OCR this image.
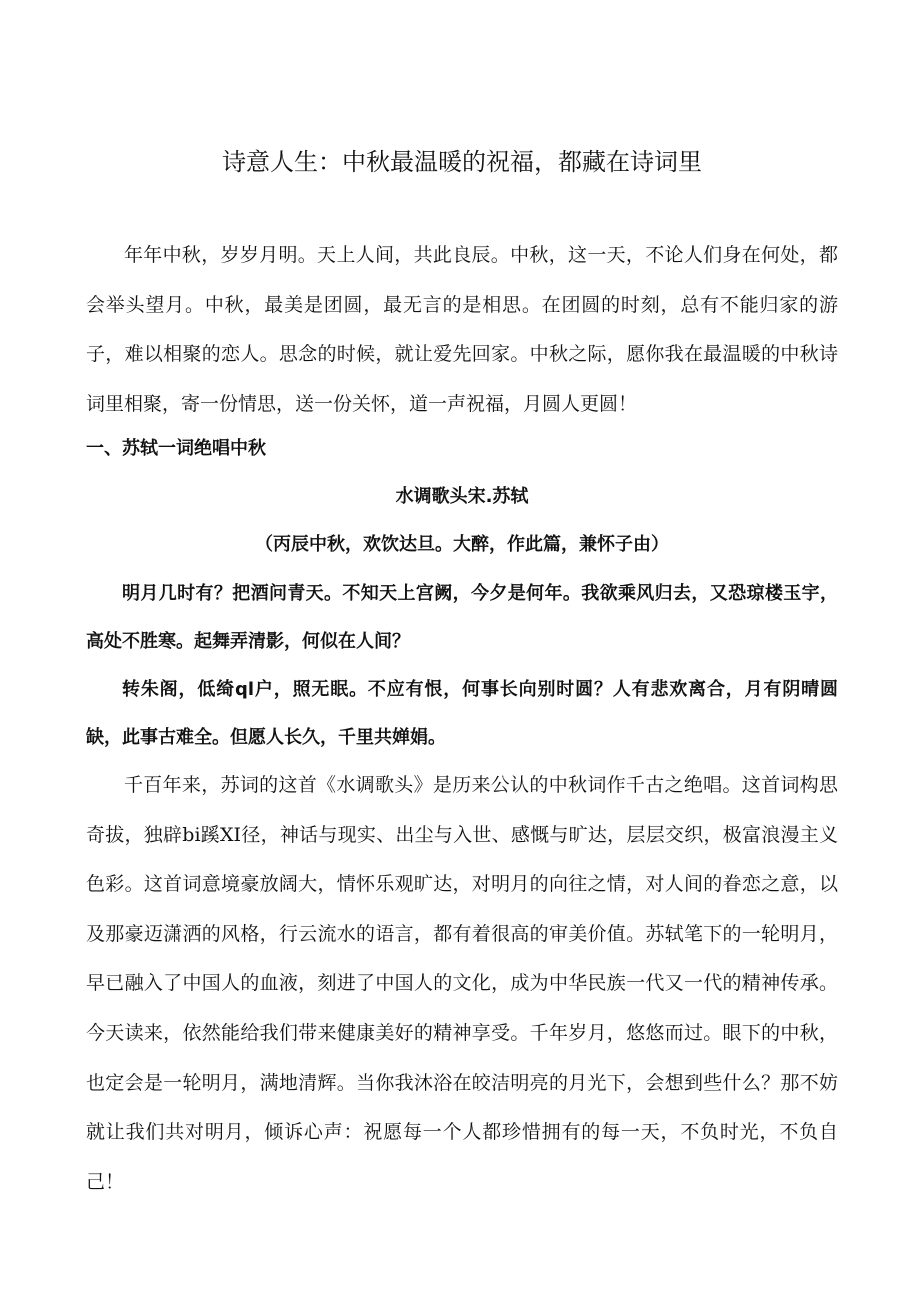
诗意人生：中秋最温暖的祝福，都藏在诗词里

年年中秋，岁岁月明。天上人间，共此良辰。中秋，这一天，不论人们身在何处，都会举头望月。中秋，最美是团圆，最无言的是相思。在团圆的时刻，总有不能归家的游子，难以相聚的恋人。思念的时候，就让爱先回家。中秋之际，愿你我在最温暖的中秋诗词里相聚，寄一份情思，送一份关怀，道一声祝福，月圆人更圆！

一、苏轼一词绝唱中秋
水调歌头宋.苏轼
（丙辰中秋，欢饮达旦。大醉，作此篇，兼怀子由）

明月几时有？把酒问青天。不知天上宫阙，今夕是何年。我欲乘风归去，又恐琼楼玉宇，高处不胜寒。起舞弄清影，何似在人间？

转朱阁，低绮ql户，照无眠。不应有恨，何事长向别时圆？人有悲欢离合，月有阴晴圆缺，此事古难全。但愿人长久，千里共婵娟。

千百年来，苏词的这首《水调歌头》是历来公认的中秋词作千古之绝唱。这首词构思奇拔，独辟bi蹊XI径，神话与现实、出尘与入世、感慨与旷达，层层交织，极富浪漫主义色彩。这首词意境豪放阔大，情怀乐观旷达，对明月的向往之情，对人间的眷恋之意，以及那豪迈潇洒的风格，行云流水的语言，都有着很高的审美价值。苏轼笔下的一轮明月，早已融入了中国人的血液，刻进了中国人的文化，成为中华民族一代又一代的精神传承。今天读来，依然能给我们带来健康美好的精神享受。千年岁月，悠悠而过。眼下的中秋，也定会是一轮明月，满地清辉。当你我沐浴在皎洁明亮的月光下，会想到些什么？那不妨就让我们共对明月，倾诉心声：祝愿每一个人都珍惜拥有的每一天，不负时光，不负自己！
